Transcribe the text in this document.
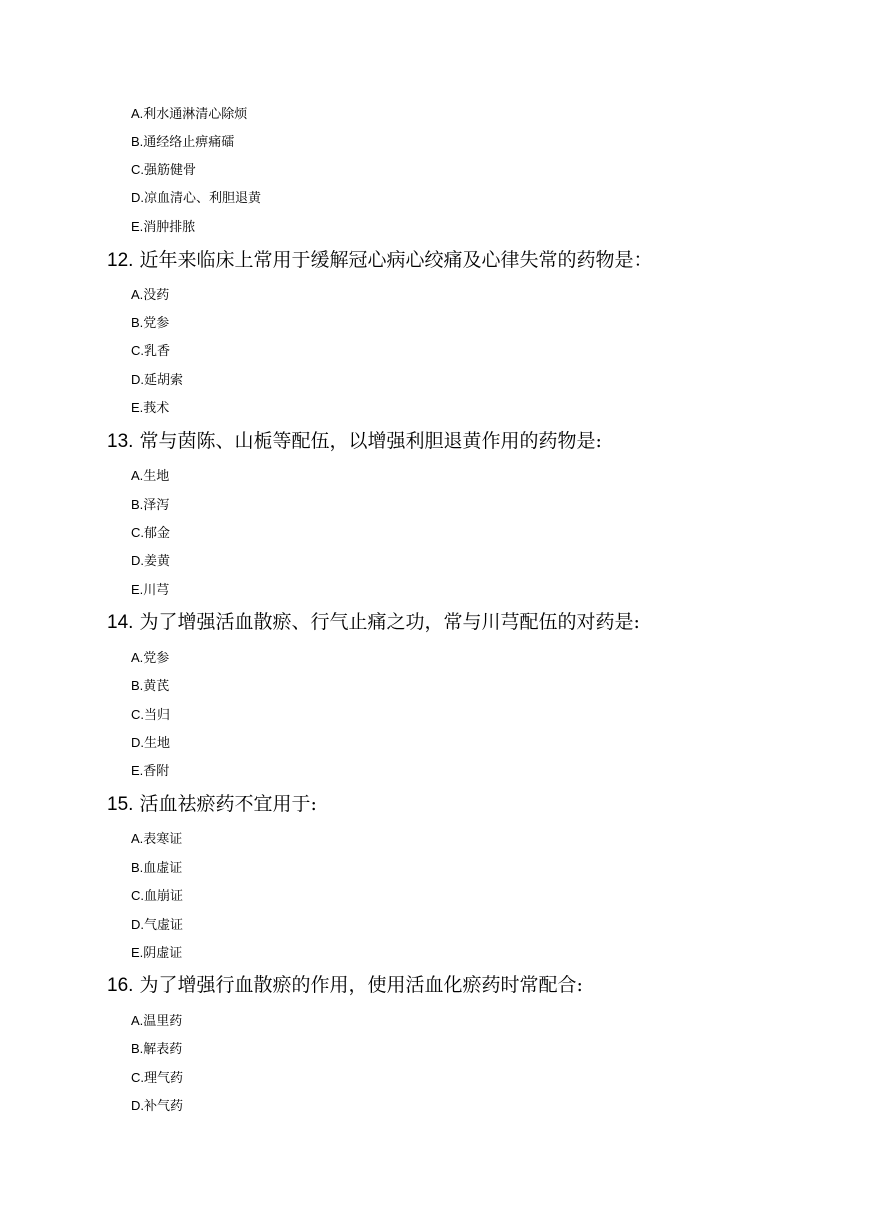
A.利水通淋清心除烦
B.通经络止痹痛礌
C.强筋健骨
D.凉血清心、利胆退黄
E.消肿排脓
12. 近年来临床上常用于缓解冠心病心绞痛及心律失常的药物是：
A.没药
B.党参
C.乳香
D.延胡索
E.莪术
13. 常与茵陈、山栀等配伍，以增强利胆退黄作用的药物是:
A.生地
B.泽泻
C.郁金
D.姜黄
E.川芎
14. 为了增强活血散瘀、行气止痛之功，常与川芎配伍的对药是:
A.党参
B.黄芪
C.当归
D.生地
E.香附
15. 活血祛瘀药不宜用于:
A.表寒证
B.血虚证
C.血崩证
D.气虚证
E.阴虚证
16. 为了增强行血散瘀的作用，使用活血化瘀药时常配合:
A.温里药
B.解表药
C.理气药
D.补气药
